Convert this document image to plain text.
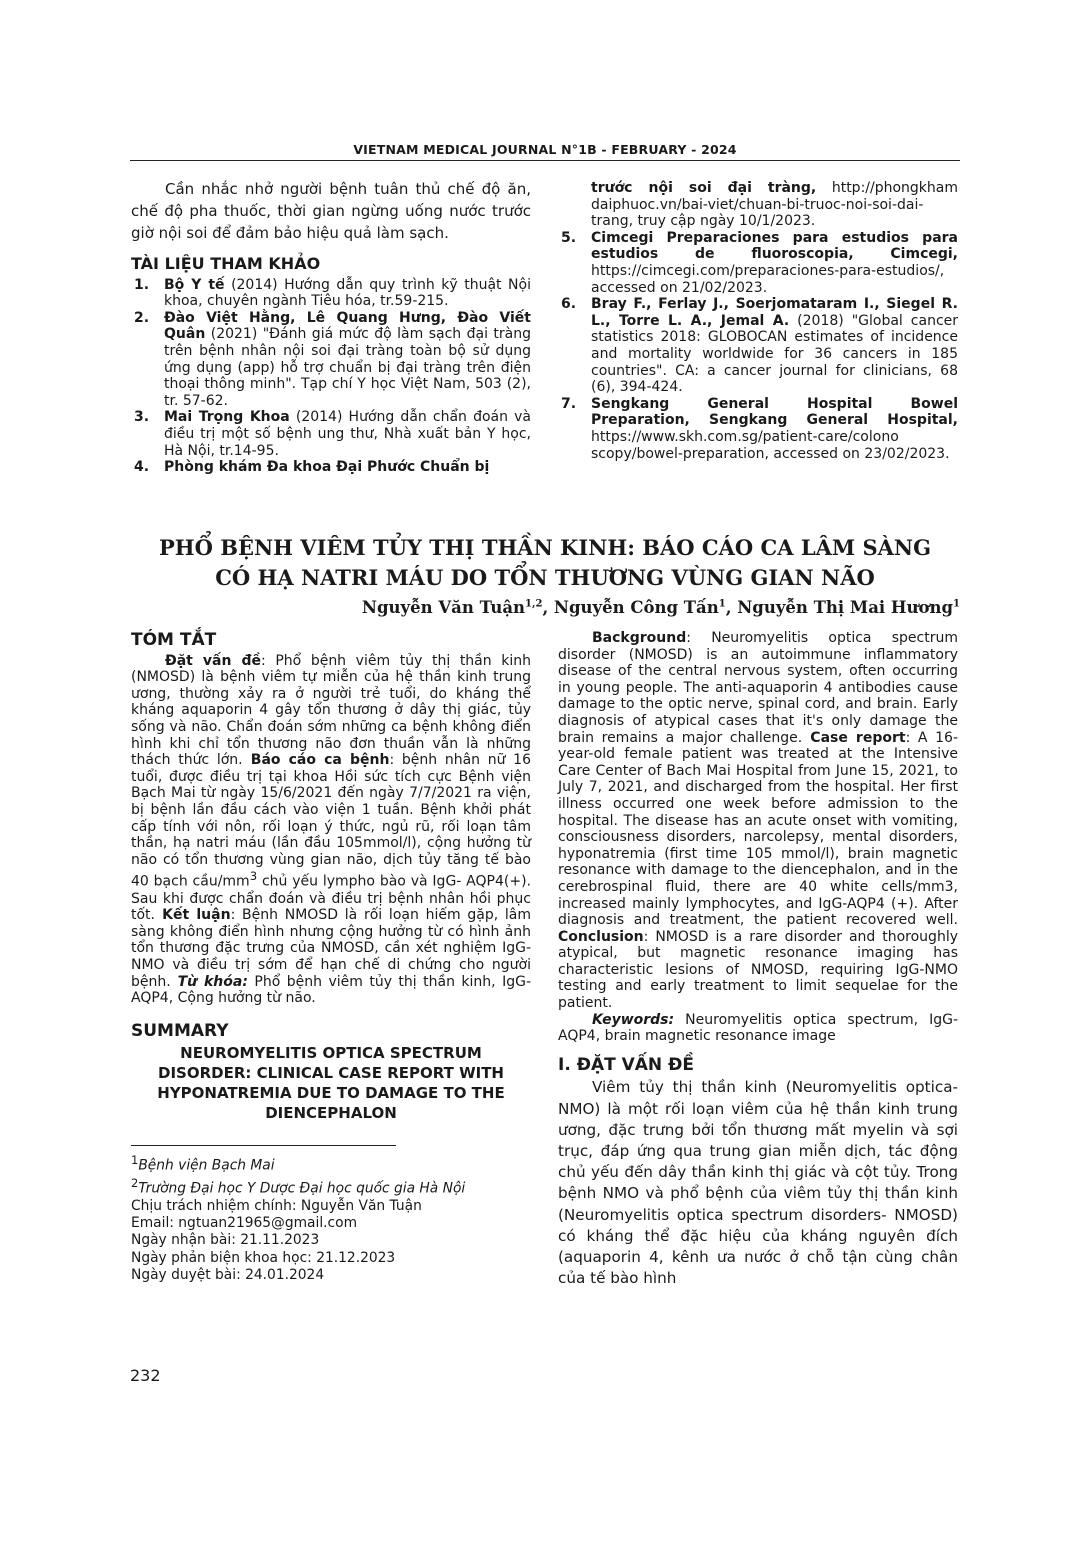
VIETNAM MEDICAL JOURNAL N°1B - FEBRUARY - 2024

Cần nhắc nhở người bệnh tuân thủ chế độ ăn, chế độ pha thuốc, thời gian ngừng uống nước trước giờ nội soi để đảm bảo hiệu quả làm sạch.

TÀI LIỆU THAM KHẢO
1. Bộ Y tế (2014) Hướng dẫn quy trình kỹ thuật Nội khoa, chuyên ngành Tiêu hóa, tr.59-215.
2. Đào Việt Hằng, Lê Quang Hưng, Đào Viết Quân (2021) "Đánh giá mức độ làm sạch đại tràng trên bệnh nhân nội soi đại tràng toàn bộ sử dụng ứng dụng (app) hỗ trợ chuẩn bị đại tràng trên điện thoại thông minh". Tạp chí Y học Việt Nam, 503 (2), tr. 57-62.
3. Mai Trọng Khoa (2014) Hướng dẫn chẩn đoán và điều trị một số bệnh ung thư, Nhà xuất bản Y học, Hà Nội, tr.14-95.
4. Phòng khám Đa khoa Đại Phước Chuẩn bị
trước nội soi đại tràng, http://phongkham daiphuoc.vn/bai-viet/chuan-bi-truoc-noi-soi-dai-trang, truy cập ngày 10/1/2023.
5. Cimcegi Preparaciones para estudios para estudios de fluoroscopia, Cimcegi, https://cimcegi.com/preparaciones-para-estudios/, accessed on 21/02/2023.
6. Bray F., Ferlay J., Soerjomataram I., Siegel R. L., Torre L. A., Jemal A. (2018) "Global cancer statistics 2018: GLOBOCAN estimates of incidence and mortality worldwide for 36 cancers in 185 countries". CA: a cancer journal for clinicians, 68 (6), 394-424.
7. Sengkang General Hospital Bowel Preparation, Sengkang General Hospital, https://www.skh.com.sg/patient-care/colono scopy/bowel-preparation, accessed on 23/02/2023.
PHỔ BỆNH VIÊM TỦY THỊ THẦN KINH: BÁO CÁO CA LÂM SÀNG
CÓ HẠ NATRI MÁU DO TỔN THƯƠNG VÙNG GIAN NÃO
Nguyễn Văn Tuận$^{1,2}$, Nguyễn Công Tấn$^1$, Nguyễn Thị Mai Hương$^1$
TÓM TẮT

Đặt vấn đề: Phổ bệnh viêm tủy thị thần kinh (NMOSD) là bệnh viêm tự miễn của hệ thần kinh trung ương, thường xảy ra ở người trẻ tuổi, do kháng thể kháng aquaporin 4 gây tổn thương ở dây thị giác, tủy sống và não. Chẩn đoán sớm những ca bệnh không điển hình khi chỉ tổn thương não đơn thuần vẫn là những thách thức lớn. Báo cáo ca bệnh: bệnh nhân nữ 16 tuổi, được điều trị tại khoa Hồi sức tích cực Bệnh viện Bạch Mai từ ngày 15/6/2021 đến ngày 7/7/2021 ra viện, bị bệnh lần đầu cách vào viện 1 tuần. Bệnh khởi phát cấp tính với nôn, rối loạn ý thức, ngủ rũ, rối loạn tâm thần, hạ natri máu (lần đầu 105mmol/l), cộng hưởng từ não có tổn thương vùng gian não, dịch tủy tăng tế bào 40 bạch cầu/$mm^3$ chủ yếu lympho bào và IgG- AQP4(+). Sau khi được chẩn đoán và điều trị bệnh nhân hồi phục tốt. Kết luận: Bệnh NMOSD là rối loạn hiếm gặp, lâm sàng không điển hình nhưng cộng hưởng từ có hình ảnh tổn thương đặc trưng của NMOSD, cần xét nghiệm IgG-NMO và điều trị sớm để hạn chế di chứng cho người bệnh. Từ khóa: Phổ bệnh viêm tủy thị thần kinh, IgG-AQP4, Cộng hưởng từ não.

SUMMARY

NEUROMYELITIS OPTICA SPECTRUM DISORDER: CLINICAL CASE REPORT WITH HYPONATREMIA DUE TO DAMAGE TO THE DIENCEPHALON

$^1$Bệnh viện Bạch Mai

$^2$Trường Đại học Y Dược Đại học quốc gia Hà Nội

Chịu trách nhiệm chính: Nguyễn Văn Tuận

Email: ngtuan21965@gmail.com

Ngày nhận bài: 21.11.2023

Ngày phản biện khoa học: 21.12.2023

Ngày duyệt bài: 24.01.2024

Background: Neuromyelitis optica spectrum disorder (NMOSD) is an autoimmune inflammatory disease of the central nervous system, often occurring in young people. The anti-aquaporin 4 antibodies cause damage to the optic nerve, spinal cord, and brain. Early diagnosis of atypical cases that it's only damage the brain remains a major challenge. Case report: A 16-year-old female patient was treated at the Intensive Care Center of Bach Mai Hospital from June 15, 2021, to July 7, 2021, and discharged from the hospital. Her first illness occurred one week before admission to the hospital. The disease has an acute onset with vomiting, consciousness disorders, narcolepsy, mental disorders, hyponatremia (first time 105 mmol/l), brain magnetic resonance with damage to the diencephalon, and in the cerebrospinal fluid, there are 40 white cells/mm3, increased mainly lymphocytes, and IgG-AQP4 (+). After diagnosis and treatment, the patient recovered well. Conclusion: NMOSD is a rare disorder and thoroughly atypical, but magnetic resonance imaging has characteristic lesions of NMOSD, requiring IgG-NMO testing and early treatment to limit sequelae for the patient.

Keywords: Neuromyelitis optica spectrum, IgG-AQP4, brain magnetic resonance image

I. ĐẶT VẤN ĐỀ

Viêm tủy thị thần kinh (Neuromyelitis optica-NMO) là một rối loạn viêm của hệ thần kinh trung ương, đặc trưng bởi tổn thương mất myelin và sợi trục, đáp ứng qua trung gian miễn dịch, tác động chủ yếu đến dây thần kinh thị giác và cột tủy. Trong bệnh NMO và phổ bệnh của viêm tủy thị thần kinh (Neuromyelitis optica spectrum disorders- NMOSD) có kháng thể đặc hiệu của kháng nguyên đích (aquaporin 4, kênh ưa nước ở chỗ tận cùng chân của tế bào hình

232
